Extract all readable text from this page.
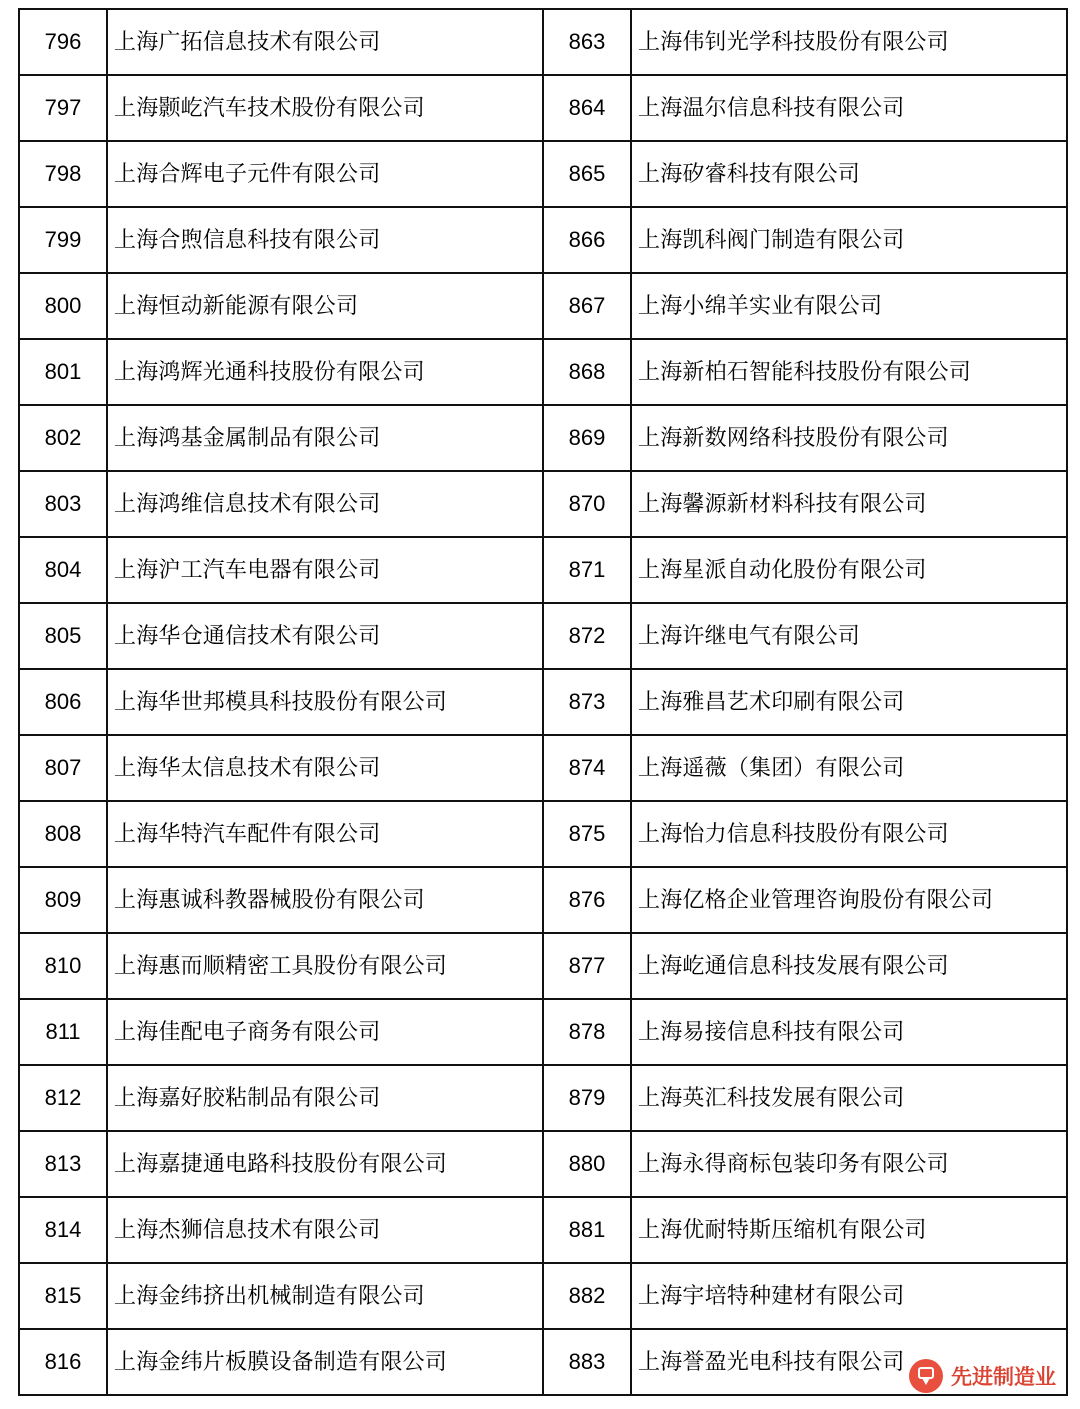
796	上海广拓信息技术有限公司	863	上海伟钊光学科技股份有限公司
797	上海颢屹汽车技术股份有限公司	864	上海温尔信息科技有限公司
798	上海合辉电子元件有限公司	865	上海矽睿科技有限公司
799	上海合煦信息科技有限公司	866	上海凯科阀门制造有限公司
800	上海恒动新能源有限公司	867	上海小绵羊实业有限公司
801	上海鸿辉光通科技股份有限公司	868	上海新柏石智能科技股份有限公司
802	上海鸿基金属制品有限公司	869	上海新数网络科技股份有限公司
803	上海鸿维信息技术有限公司	870	上海馨源新材料科技有限公司
804	上海沪工汽车电器有限公司	871	上海星派自动化股份有限公司
805	上海华仓通信技术有限公司	872	上海许继电气有限公司
806	上海华世邦模具科技股份有限公司	873	上海雅昌艺术印刷有限公司
807	上海华太信息技术有限公司	874	上海遥薇（集团）有限公司
808	上海华特汽车配件有限公司	875	上海怡力信息科技股份有限公司
809	上海惠诚科教器械股份有限公司	876	上海亿格企业管理咨询股份有限公司
810	上海惠而顺精密工具股份有限公司	877	上海屹通信息科技发展有限公司
811	上海佳配电子商务有限公司	878	上海易接信息科技有限公司
812	上海嘉好胶粘制品有限公司	879	上海英汇科技发展有限公司
813	上海嘉捷通电路科技股份有限公司	880	上海永得商标包装印务有限公司
814	上海杰狮信息技术有限公司	881	上海优耐特斯压缩机有限公司
815	上海金纬挤出机械制造有限公司	882	上海宇培特种建材有限公司
816	上海金纬片板膜设备制造有限公司	883	上海誉盈光电科技有限公司
先进制造业
